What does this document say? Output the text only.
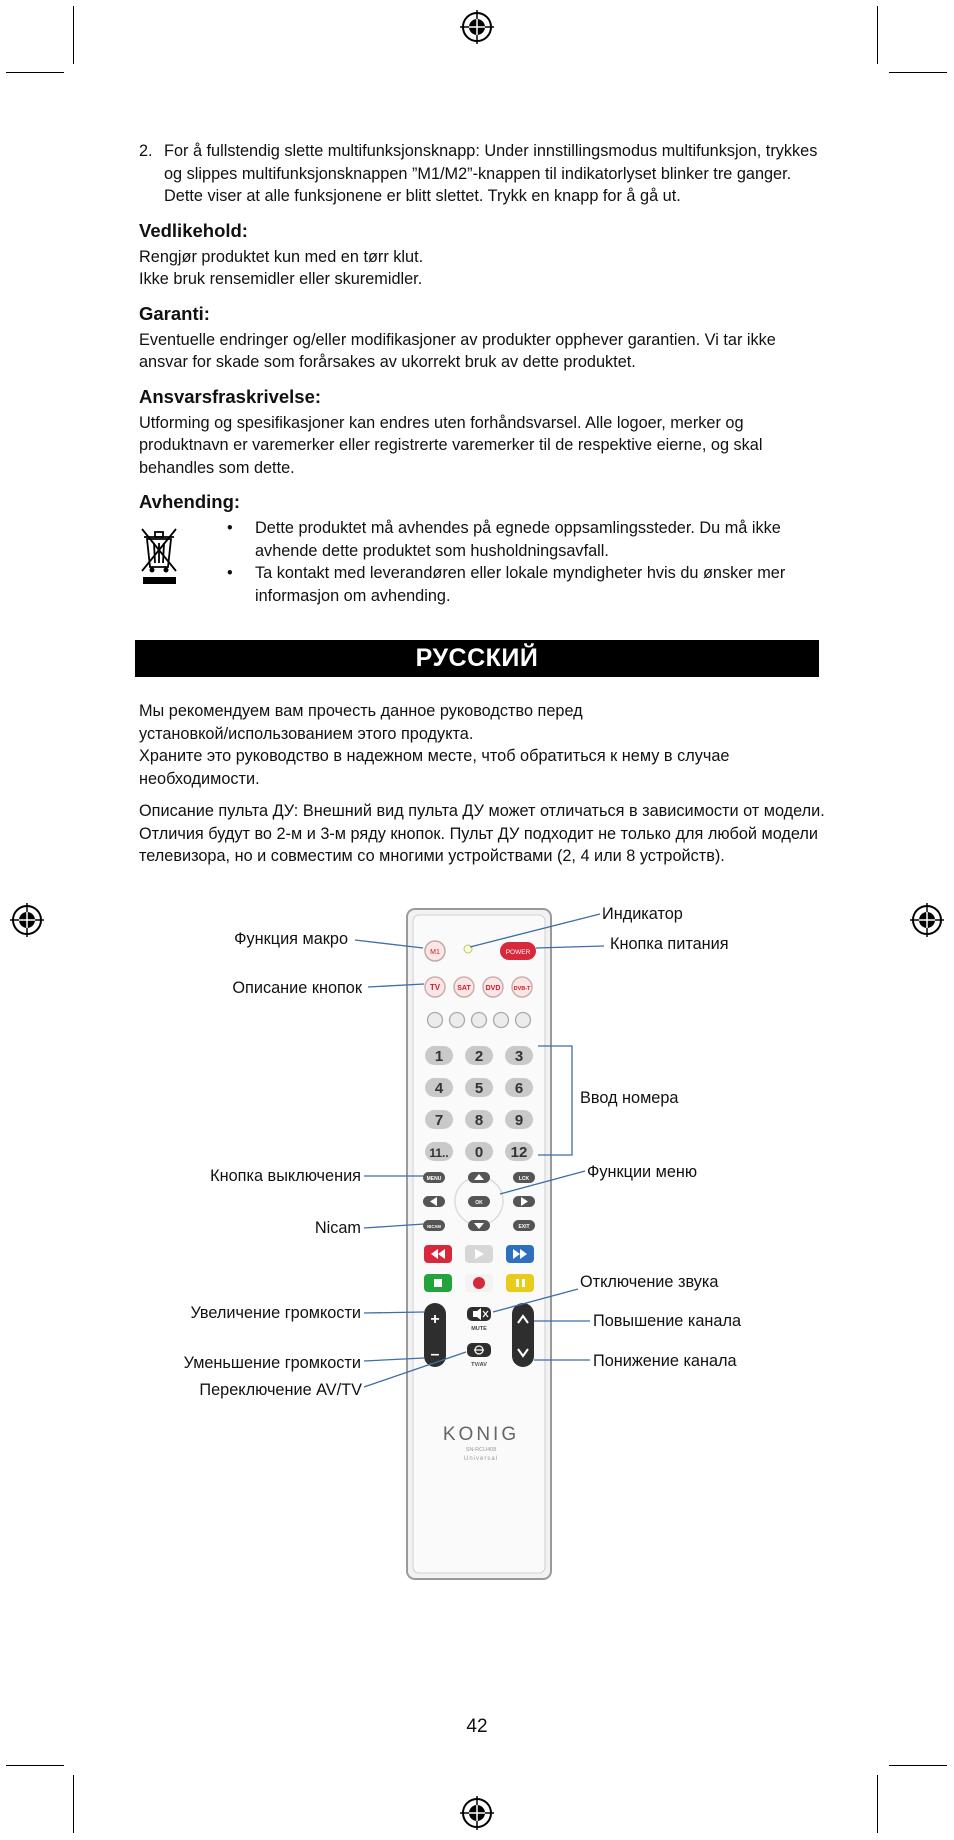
2. For å fullstendig slette multifunksjonsknapp: Under innstillingsmodus multifunksjon, trykkes og slippes multifunksjonsknappen ”M1/M2”-knappen til indikatorlyset blinker tre ganger. Dette viser at alle funksjonene er blitt slettet. Trykk en knapp for å gå ut.
Vedlikehold:

Rengjør produktet kun med en tørr klut.

Ikke bruk rensemidler eller skuremidler.

Garanti:

Eventuelle endringer og/eller modifikasjoner av produkter opphever garantien. Vi tar ikke ansvar for skade som forårsakes av ukorrekt bruk av dette produktet.

Ansvarsfraskrivelse:

Utforming og spesifikasjoner kan endres uten forhåndsvarsel. Alle logoer, merker og produktnavn er varemerker eller registrerte varemerker til de respektive eierne, og skal behandles som dette.

Avhending:
• Dette produktet må avhendes på egnede oppsamlingssteder. Du må ikke avhende dette produktet som husholdningsavfall.
• Ta kontakt med leverandøren eller lokale myndigheter hvis du ønsker mer informasjon om avhending.
РУССКИЙ

Мы рекомендуем вам прочесть данное руководство перед
установкой/использованием этого продукта.
Храните это руководство в надежном месте, чтоб обратиться к нему в случае
необходимости.

Описание пульта ДУ: Внешний вид пульта ДУ может отличаться в зависимости от модели. Отличия будут во 2-м и 3-м ряду кнопок. Пульт ДУ подходит не только для любой модели телевизора, но и совместим со многими устройствами (2, 4 или 8 устройств).

M1	POWER
TV SAT DVD DVB-T
1 2 3
4 5 6
7 8 9
11.. 0 12
MENU	LCK
OK
NICAM	EXIT
+
–
MUTE
TV/AV
KONIG
SN-RCU408
Universal
Индикатор
Функция макро	Кнопка питания
Описание кнопок
Ввод номера
Кнопка выключения	Функции меню
Nicam
Отключение звука
Увеличение громкости	Повышение канала
Уменьшение громкости	Понижение канала
Переключение AV/TV
42
